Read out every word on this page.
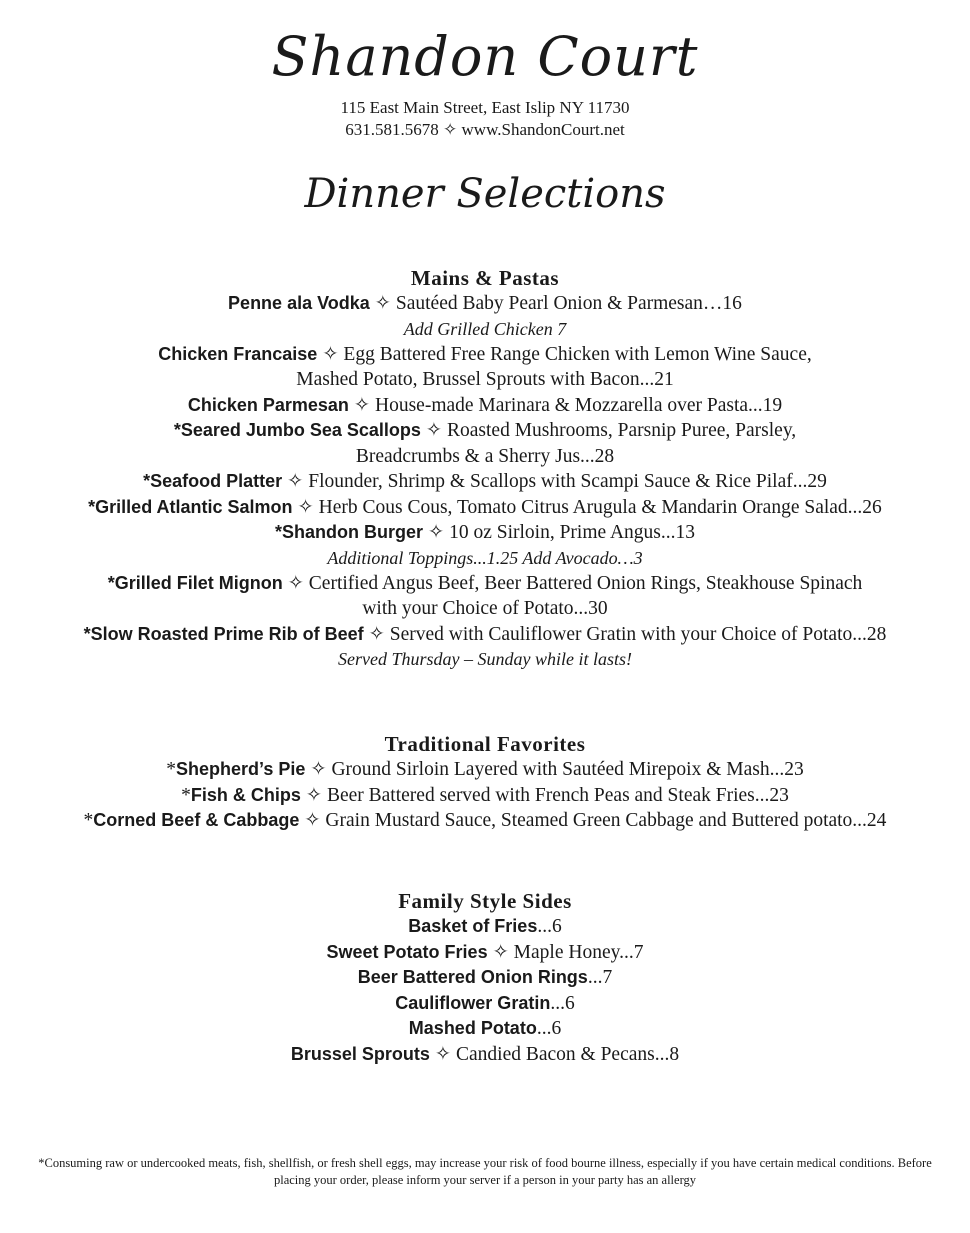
Shandon Court
115 East Main Street, East Islip NY 11730
631.581.5678 ✧ www.ShandonCourt.net
Dinner Selections
Mains & Pastas
Penne ala Vodka ✧ Sautéed Baby Pearl Onion & Parmesan…16
Add Grilled Chicken 7
Chicken Francaise ✧ Egg Battered Free Range Chicken with Lemon Wine Sauce,
Mashed Potato, Brussel Sprouts with Bacon...21
Chicken Parmesan ✧ House-made Marinara & Mozzarella over Pasta...19
*Seared Jumbo Sea Scallops ✧ Roasted Mushrooms, Parsnip Puree, Parsley,
Breadcrumbs & a Sherry Jus...28
*Seafood Platter ✧ Flounder, Shrimp & Scallops with Scampi Sauce & Rice Pilaf...29
*Grilled Atlantic Salmon ✧ Herb Cous Cous, Tomato Citrus Arugula & Mandarin Orange Salad...26
*Shandon Burger ✧ 10 oz Sirloin, Prime Angus...13
Additional Toppings...1.25 Add Avocado…3
*Grilled Filet Mignon ✧ Certified Angus Beef, Beer Battered Onion Rings, Steakhouse Spinach
with your Choice of Potato...30
*Slow Roasted Prime Rib of Beef ✧ Served with Cauliflower Gratin with your Choice of Potato...28
Served Thursday – Sunday while it lasts!
Traditional Favorites
*Shepherd’s Pie ✧ Ground Sirloin Layered with Sautéed Mirepoix & Mash...23
*Fish & Chips ✧ Beer Battered served with French Peas and Steak Fries...23
*Corned Beef & Cabbage ✧ Grain Mustard Sauce, Steamed Green Cabbage and Buttered potato...24
Family Style Sides
Basket of Fries...6
Sweet Potato Fries ✧ Maple Honey...7
Beer Battered Onion Rings...7
Cauliflower Gratin...6
Mashed Potato...6
Brussel Sprouts ✧ Candied Bacon & Pecans...8
*Consuming raw or undercooked meats, fish, shellfish, or fresh shell eggs, may increase your risk of food bourne illness, especially if you have certain medical conditions. Before placing your order, please inform your server if a person in your party has an allergy
